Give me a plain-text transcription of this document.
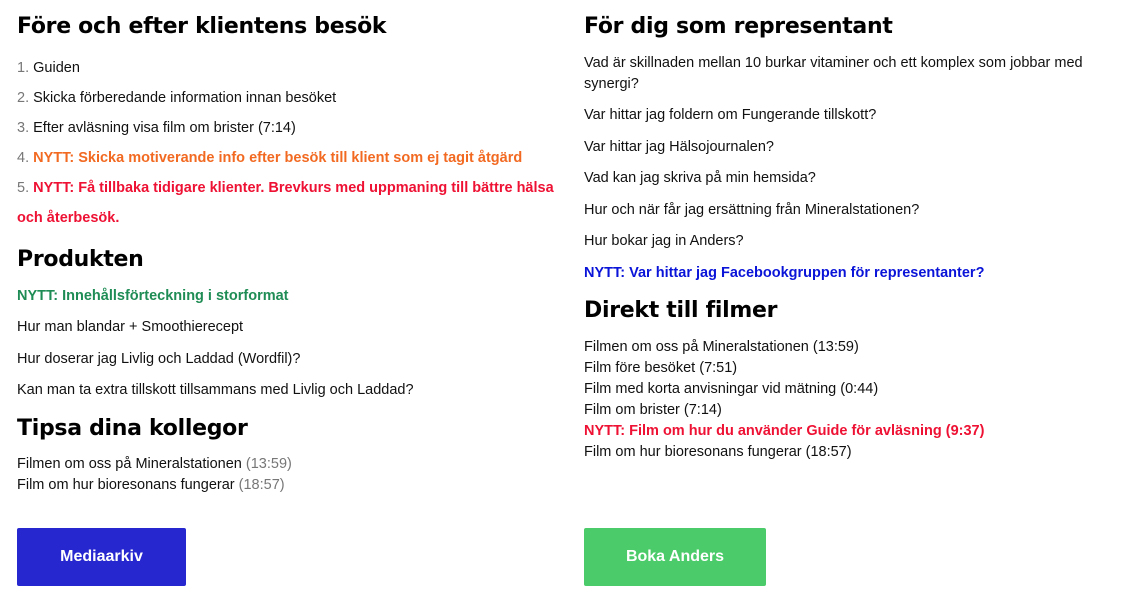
Före och efter klientens besök
1. Guiden
2. Skicka förberedande information innan besöket
3. Efter avläsning visa film om brister (7:14)
4. NYTT: Skicka motiverande info efter besök till klient som ej tagit åtgärd
5. NYTT: Få tillbaka tidigare klienter. Brevkurs med uppmaning till bättre hälsa
och återbesök.
Produkten
NYTT: Innehållsförteckning i storformat
Hur man blandar + Smoothierecept
Hur doserar jag Livlig och Laddad (Wordfil)?
Kan man ta extra tillskott tillsammans med Livlig och Laddad?
Tipsa dina kollegor
Filmen om oss på Mineralstationen (13:59)
Film om hur bioresonans fungerar (18:57)
Mediaarkiv
För dig som representant
Vad är skillnaden mellan 10 burkar vitaminer och ett komplex som jobbar med
synergi?
Var hittar jag foldern om Fungerande tillskott?
Var hittar jag Hälsojournalen?
Vad kan jag skriva på min hemsida?
Hur och när får jag ersättning från Mineralstationen?
Hur bokar jag in Anders?
NYTT: Var hittar jag Facebookgruppen för representanter?
Direkt till filmer
Filmen om oss på Mineralstationen (13:59)
Film före besöket (7:51)
Film med korta anvisningar vid mätning (0:44)
Film om brister (7:14)
NYTT: Film om hur du använder Guide för avläsning (9:37)
Film om hur bioresonans fungerar (18:57)
Boka Anders
